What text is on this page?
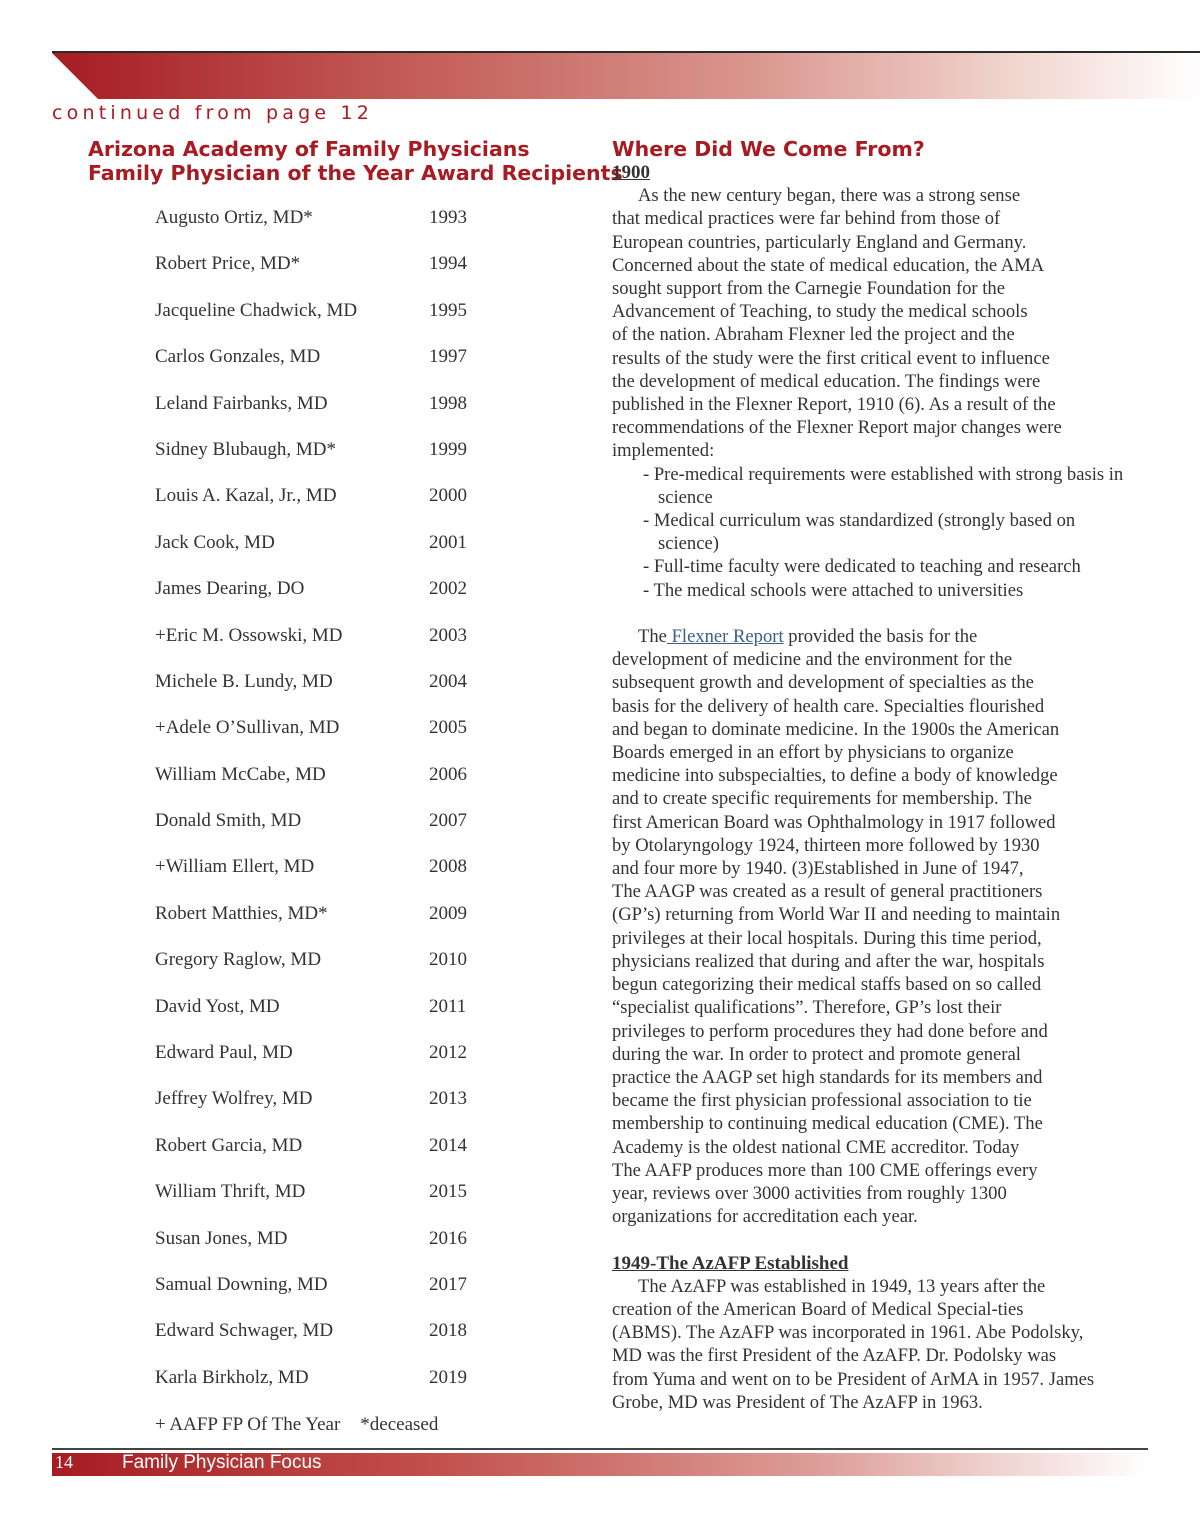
continued from page 12
Arizona Academy of Family Physicians
Family Physician of the Year Award Recipients
Augusto Ortiz, MD*	1993
Robert Price, MD*	1994
Jacqueline Chadwick, MD	1995
Carlos Gonzales, MD	1997
Leland Fairbanks, MD	1998
Sidney Blubaugh, MD*	1999
Louis A. Kazal, Jr., MD	2000
Jack Cook, MD	2001
James Dearing, DO	2002
+Eric M. Ossowski, MD	2003
Michele B. Lundy, MD	2004
+Adele O’Sullivan, MD	2005
William McCabe, MD	2006
Donald Smith, MD	2007
+William Ellert, MD	2008
Robert Matthies, MD*	2009
Gregory Raglow, MD	2010
David Yost, MD	2011
Edward Paul, MD	2012
Jeffrey Wolfrey, MD	2013
Robert Garcia, MD	2014
William Thrift, MD	2015
Susan Jones, MD	2016
Samual Downing, MD	2017
Edward Schwager, MD	2018
Karla Birkholz, MD	2019
+ AAFP FP Of The Year *deceased
Where Did We Come From?
1900

As the new century began, there was a strong sense
that medical practices were far behind from those of
European countries, particularly England and Germany.
Concerned about the state of medical education, the AMA
sought support from the Carnegie Foundation for the
Advancement of Teaching, to study the medical schools
of the nation. Abraham Flexner led the project and the
results of the study were the first critical event to influence
the development of medical education. The findings were
published in the Flexner Report, 1910 (6). As a result of the
recommendations of the Flexner Report major changes were
implemented:

- Pre-medical requirements were established with strong basis in science
- Medical curriculum was standardized (strongly based on science)
- Full-time faculty were dedicated to teaching and research
- The medical schools were attached to universities

The Flexner Report provided the basis for the
development of medicine and the environment for the
subsequent growth and development of specialties as the
basis for the delivery of health care. Specialties flourished
and began to dominate medicine. In the 1900s the American
Boards emerged in an effort by physicians to organize
medicine into subspecialties, to define a body of knowledge
and to create specific requirements for membership. The
first American Board was Ophthalmology in 1917 followed
by Otolaryngology 1924, thirteen more followed by 1930
and four more by 1940. (3)Established in June of 1947,
The AAGP was created as a result of general practitioners
(GP’s) returning from World War II and needing to maintain
privileges at their local hospitals. During this time period,
physicians realized that during and after the war, hospitals
begun categorizing their medical staffs based on so called
“specialist qualifications”. Therefore, GP’s lost their
privileges to perform procedures they had done before and
during the war. In order to protect and promote general
practice the AAGP set high standards for its members and
became the first physician professional association to tie
membership to continuing medical education (CME). The
Academy is the oldest national CME accreditor. Today
The AAFP produces more than 100 CME offerings every
year, reviews over 3000 activities from roughly 1300
organizations for accreditation each year.

1949-The AzAFP Established

The AzAFP was established in 1949, 13 years after the
creation of the American Board of Medical Special-ties
(ABMS). The AzAFP was incorporated in 1961. Abe Podolsky,
MD was the first President of the AzAFP. Dr. Podolsky was
from Yuma and went on to be President of ArMA in 1957. James
Grobe, MD was President of The AzAFP in 1963.

14	Family Physician Focus
